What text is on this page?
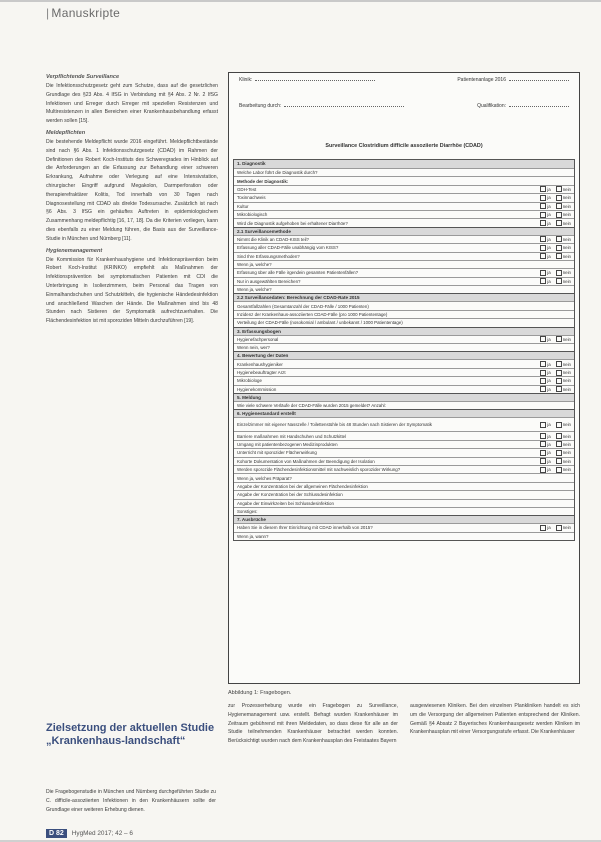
| Manuskripte
Verpflichtende Surveillance

Die Infektionsschutzgesetz geht zum Schutze, dass auf die gesetzlichen Grundlage des §23 Abs. 4 IfSG in Verbindung mit §4 Abs. 2 Nr. 2 IfSG Infektionen und Erreger durch Erreger mit speziellen Resistenzen und Multiresistenzen in allen Bereichen einer Krankenhausbehandlung erfasst werden sollen [15].

Meldepflichten

Die bestehende Meldepflicht wurde 2016 eingeführt. Meldepflichtbestände sind nach §6 Abs. 1 Infektionsschutzgesetz (CDAD) im Rahmen der Definitionen des Robert Koch-Instituts des Schweregrades im Hinblick auf die Anforderungen an die Erfassung zur Behandlung einer schweren Erkrankung, Aufnahme oder Verlegung auf eine Intensivstation, chirurgischer Eingriff aufgrund Megakolon, Darmperforation oder therapierefraktärer Kolitis, Tod innerhalb von 30 Tagen nach Diagnosestellung mit CDAD als direkte Todesursache. Zusätzlich ist nach §6 Abs. 3 IfSG ein gehäuftes Auftreten in epidemiologischem Zusammenhang meldepflichtig [16, 17, 18]. Da die Kriterien vorliegen, kann dies ebenfalls zu einer Meldung führen, die Basis aus der Surveillance-Studie in München und Nürnberg [11].

Hygienemanagement

Die Kommission für Krankenhaushygiene und Infektionsprävention beim Robert Koch-Institut (KRINKO) empfiehlt als Maßnahmen der Infektionsprävention bei symptomatischen Patienten mit CDI die Unterbringung in Isolierzimmern, beim Personal das Tragen von Einmalhandschuhen und Schutzkitteln, die hygienische Händedesinfektion und anschließend Waschen der Hände. Die Maßnahmen sind bis 48 Stunden nach Sistieren der Symptomatik aufrechtzuerhalten. Die Flächendesinfektion ist mit sporoziden Mitteln durchzuführen [19].

Klinik:	Patientenanlage 2016
Bearbeitung durch:	Qualifikation:
Surveillance Clostridium difficile assoziierte Diarrhöe (CDAD)
1. Diagnostik
Welche Labor führt die Diagnostik durch?
Methode der Diagnostik:
GDH-Test	ja	nein
Toxinnachweis	ja	nein
Kultur	ja	nein
Mikrobiologisch	ja	nein
Wird die Diagnostik aufgehoben bei erhaltener Diarrhöe?	ja	nein
2.1 Surveillancemethode
Nimmt die Klinik an CDAD-KISS teil?	ja	nein
Erfassung aller CDAD-Fälle unabhängig vom KISS?	ja	nein
Sind Ihre Erfassungsmethoden?	ja	nein
Wenn ja, welche?
Erfassung über alle Fälle irgendein gesamten Patientenfällen?	ja	nein
Nur in ausgewählten Bereichen?	ja	nein
Wenn ja, welche?
2.2 Surveillancedaten: Berechnung der CDAD-Rate 2015
Gesamtfallzahlen (Gesamtanzahl der CDAD-Fälle / 1000 Patienten)
Inzidenz der Krankenhaus-assoziierten CDAD-Fälle (pro 1000 Patiententage)
Verteilung der CDAD-Fälle (nosokomial / ambulant / unbekannt / 1000 Patiententage)
3. Erfassungsbogen
Hygienefachpersonal	ja	nein
Wenn nein, wer?
4. Bewertung der Daten
Krankenhaushygieniker	ja	nein
Hygienebeauftragter Arzt	ja	nein
Mikrobiologe	ja	nein
Hygienekommission	ja	nein
5. Meldung
Wie viele schwere Verläufe der CDAD-Fälle wurden 2015 gemeldet? Anzahl:
6. Hygienestandard erstellt
Einzelzimmer mit eigener Nasszelle / Toilettenstühle bis 48 Stunden nach Sistieren der Symptomatik	ja	nein
Barriere maßnahmen mit Handschuhen und Schutzkittel	ja	nein
Umgang mit patientenbezogenen Medizinprodukten	ja	nein
Unterricht mit sporozider Flächenwirkung	ja	nein
Kohorte Dokumentation von Maßnahmen der Beendigung der Isolation	ja	nein
Werden sporozide Flächendesinfektionsmittel mit nachweislich sporozider Wirkung?	ja	nein
Wenn ja, welches Präparat?
Angabe der Konzentration bei der allgemeinen Flächendesinfektion
Angabe der Konzentration bei der Schlussdesinfektion
Angabe der Einwirkzeiten bei Schlussdesinfektion
Sonstiges:
7. Ausbrüche
Haben Sie in diesem Ihrer Einrichtung mit CDAD innerhalb von 2015?	ja	nein
Wenn ja, wann?
Abbildung 1: Fragebogen.
Zielsetzung der aktuellen Studie „Krankenhaus-landschaft“
Die Fragebogenstudie in München und Nürnberg durchgeführten Studie zu C. difficile-assoziierten Infektionen in den Krankenhäusern sollte der Grundlage einer weiteren Erhebung dienen.
zur Prozesserhebung wurde ein Fragebogen zu Surveillance, Hygienemanagement usw. erstellt. Befragt wurden Krankenhäuser im Zeitraum gebührend mit ihren Meldedaten, so dass diese für alle an der Studie teilnehmenden Krankenhäuser betrachtet werden konnten. Berücksichtigt wurden nach dem Krankenhausplan des Freistaates Bayern
ausgewiesenen Kliniken. Bei den einzelnen Plankliniken handelt es sich um die Versorgung der allgemeinen Patienten entsprechend der Kliniken. Gemäß §4 Absatz 2 Bayerisches Krankenhausgesetz werden Kliniken im Krankenhausplan mit einer Versorgungsstufe erfasst. Die Krankenhäuser
D 82	HygMed 2017; 42 – 6
